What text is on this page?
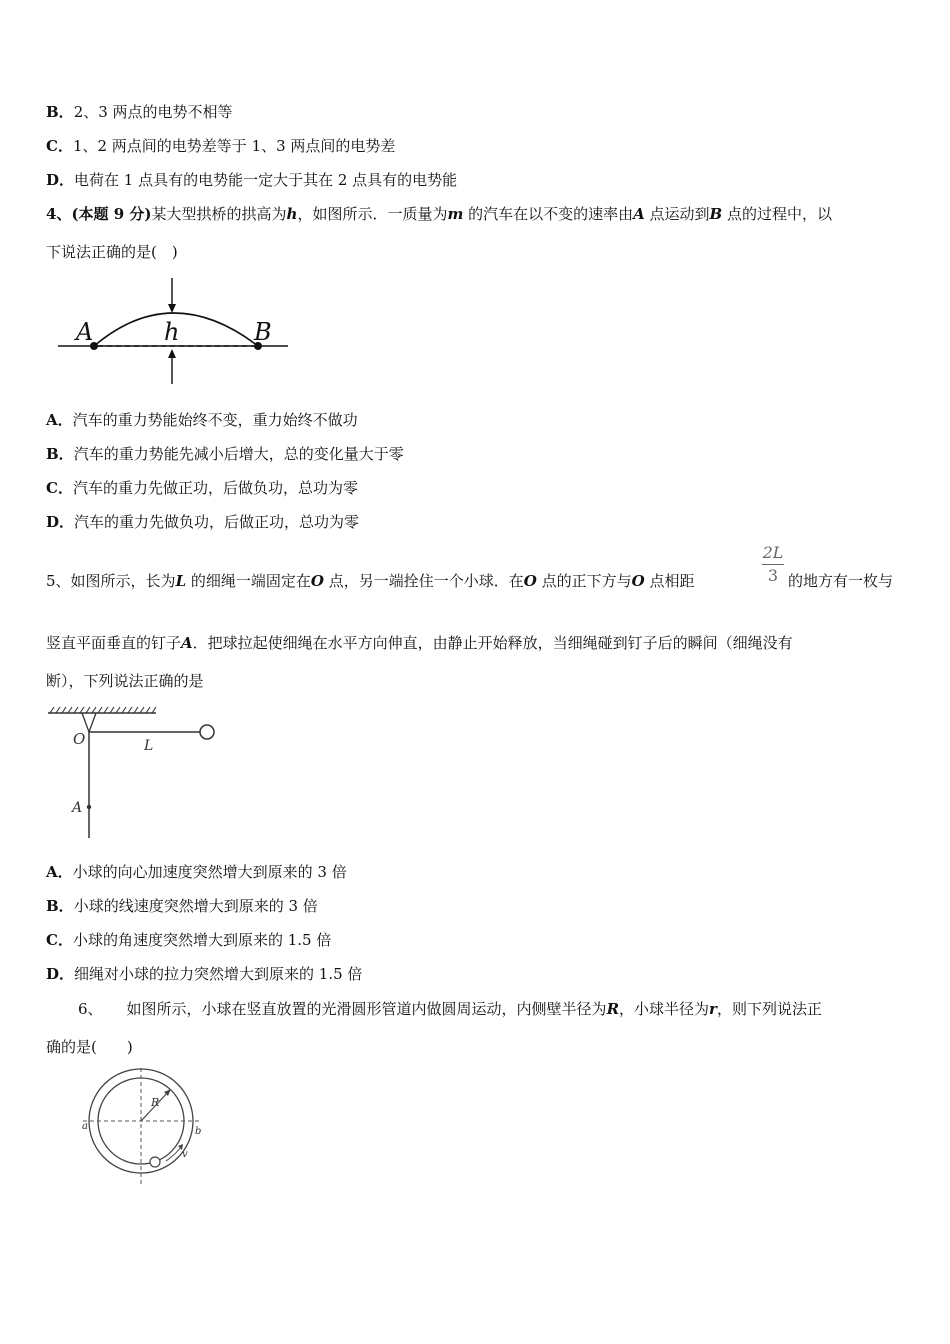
B．2、3 两点的电势不相等
C．1、2 两点间的电势差等于 1、3 两点间的电势差
D．电荷在 1 点具有的电势能一定大于其在 2 点具有的电势能
4、(本题 9 分)某大型拱桥的拱高为h，如图所示．一质量为m 的汽车在以不变的速率由A 点运动到B 点的过程中，以
下说法正确的是(　)
A	h	B
A．汽车的重力势能始终不变，重力始终不做功
B．汽车的重力势能先减小后增大，总的变化量大于零
C．汽车的重力先做正功，后做负功，总功为零
D．汽车的重力先做负功，后做正功，总功为零
5、如图所示，长为L 的细绳一端固定在O 点，另一端拴住一个小球．在O 点的正下方与O 点相距
2L
3 的地方有一枚与
竖直平面垂直的钉子A．把球拉起使细绳在水平方向伸直，由静止开始释放，当细绳碰到钉子后的瞬间（细绳没有
断），下列说法正确的是
O	L
A
A．小球的向心加速度突然增大到原来的 3 倍
B．小球的线速度突然增大到原来的 3 倍
C．小球的角速度突然增大到原来的 1.5 倍
D．细绳对小球的拉力突然增大到原来的 1.5 倍
6、 如图所示，小球在竖直放置的光滑圆形管道内做圆周运动，内侧壁半径为R，小球半径为r，则下列说法正
确的是(　　)
R
a	b
v
